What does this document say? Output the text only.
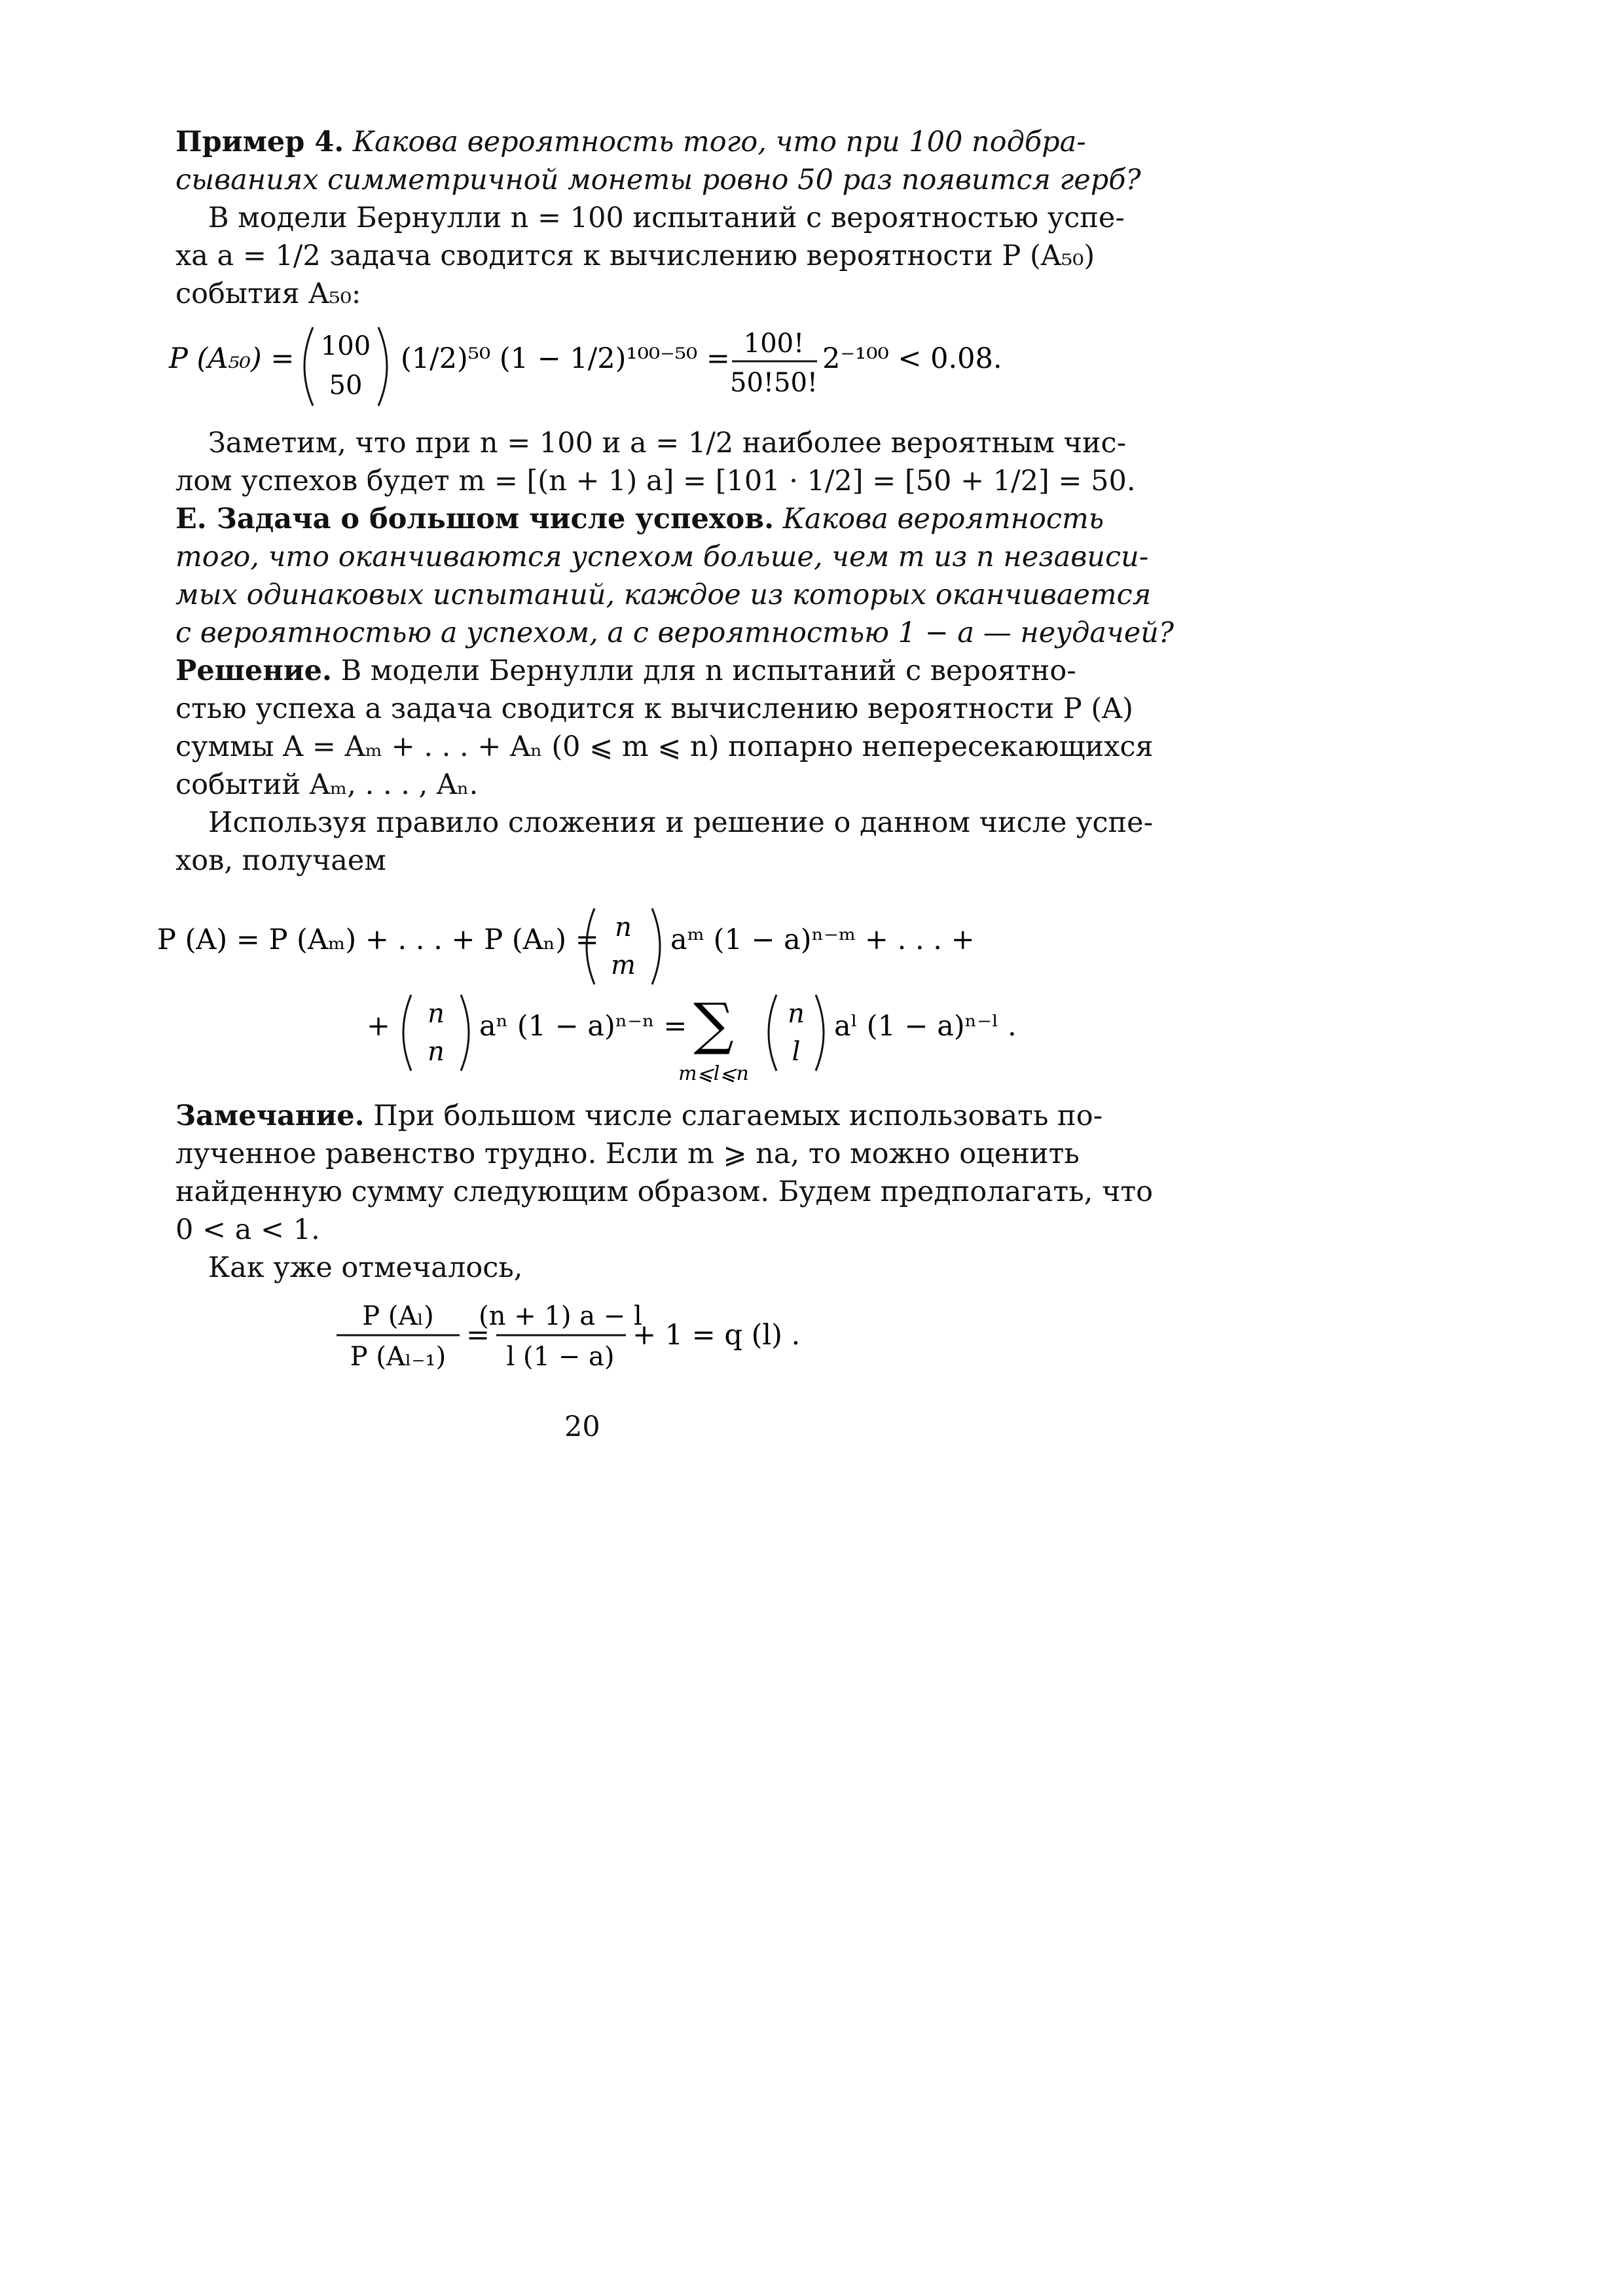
Пример 4. Какова вероятность того, что при 100 подбра-
сываниях симметричной монеты ровно 50 раз появится герб?
В модели Бернулли n = 100 испытаний с вероятностью успе-
ха a = 1/2 задача сводится к вычислению вероятности P (A₅₀)
события A₅₀:
P (A₅₀) = 100
50
(1/2)⁵⁰ (1 − 1/2)¹⁰⁰⁻⁵⁰ = 100!
50!50!
2⁻¹⁰⁰ < 0.08.
Заметим, что при n = 100 и a = 1/2 наиболее вероятным чис-
лом успехов будет m = [(n + 1) a] = [101 · 1/2] = [50 + 1/2] = 50.
E. Задача о большом числе успехов. Какова вероятность
того, что оканчиваются успехом больше, чем m из n независи-
мых одинаковых испытаний, каждое из которых оканчивается
с вероятностью a успехом, а с вероятностью 1 − a — неудачей?
Решение. В модели Бернулли для n испытаний с вероятно-
стью успеха a задача сводится к вычислению вероятности P (A)
суммы A = Aₘ + . . . + Aₙ (0 ⩽ m ⩽ n) попарно непересекающихся
событий Aₘ, . . . , Aₙ.
Используя правило сложения и решение о данном числе успе-
хов, получаем
P (A) = P (Aₘ) + . . . + P (Aₙ) = n
m
aᵐ (1 − a)ⁿ⁻ᵐ + . . . +
+ n
n
aⁿ (1 − a)ⁿ⁻ⁿ = ∑
m⩽l⩽n
n
l
aˡ (1 − a)ⁿ⁻ˡ .
Замечание. При большом числе слагаемых использовать по-
лученное равенство трудно. Если m ⩾ na, то можно оценить
найденную сумму следующим образом. Будем предполагать, что
0 < a < 1.
Как уже отмечалось,
P (Aₗ)
P (Aₗ₋₁)
=
(n + 1) a − l
l (1 − a)
+ 1 = q (l) .
20
